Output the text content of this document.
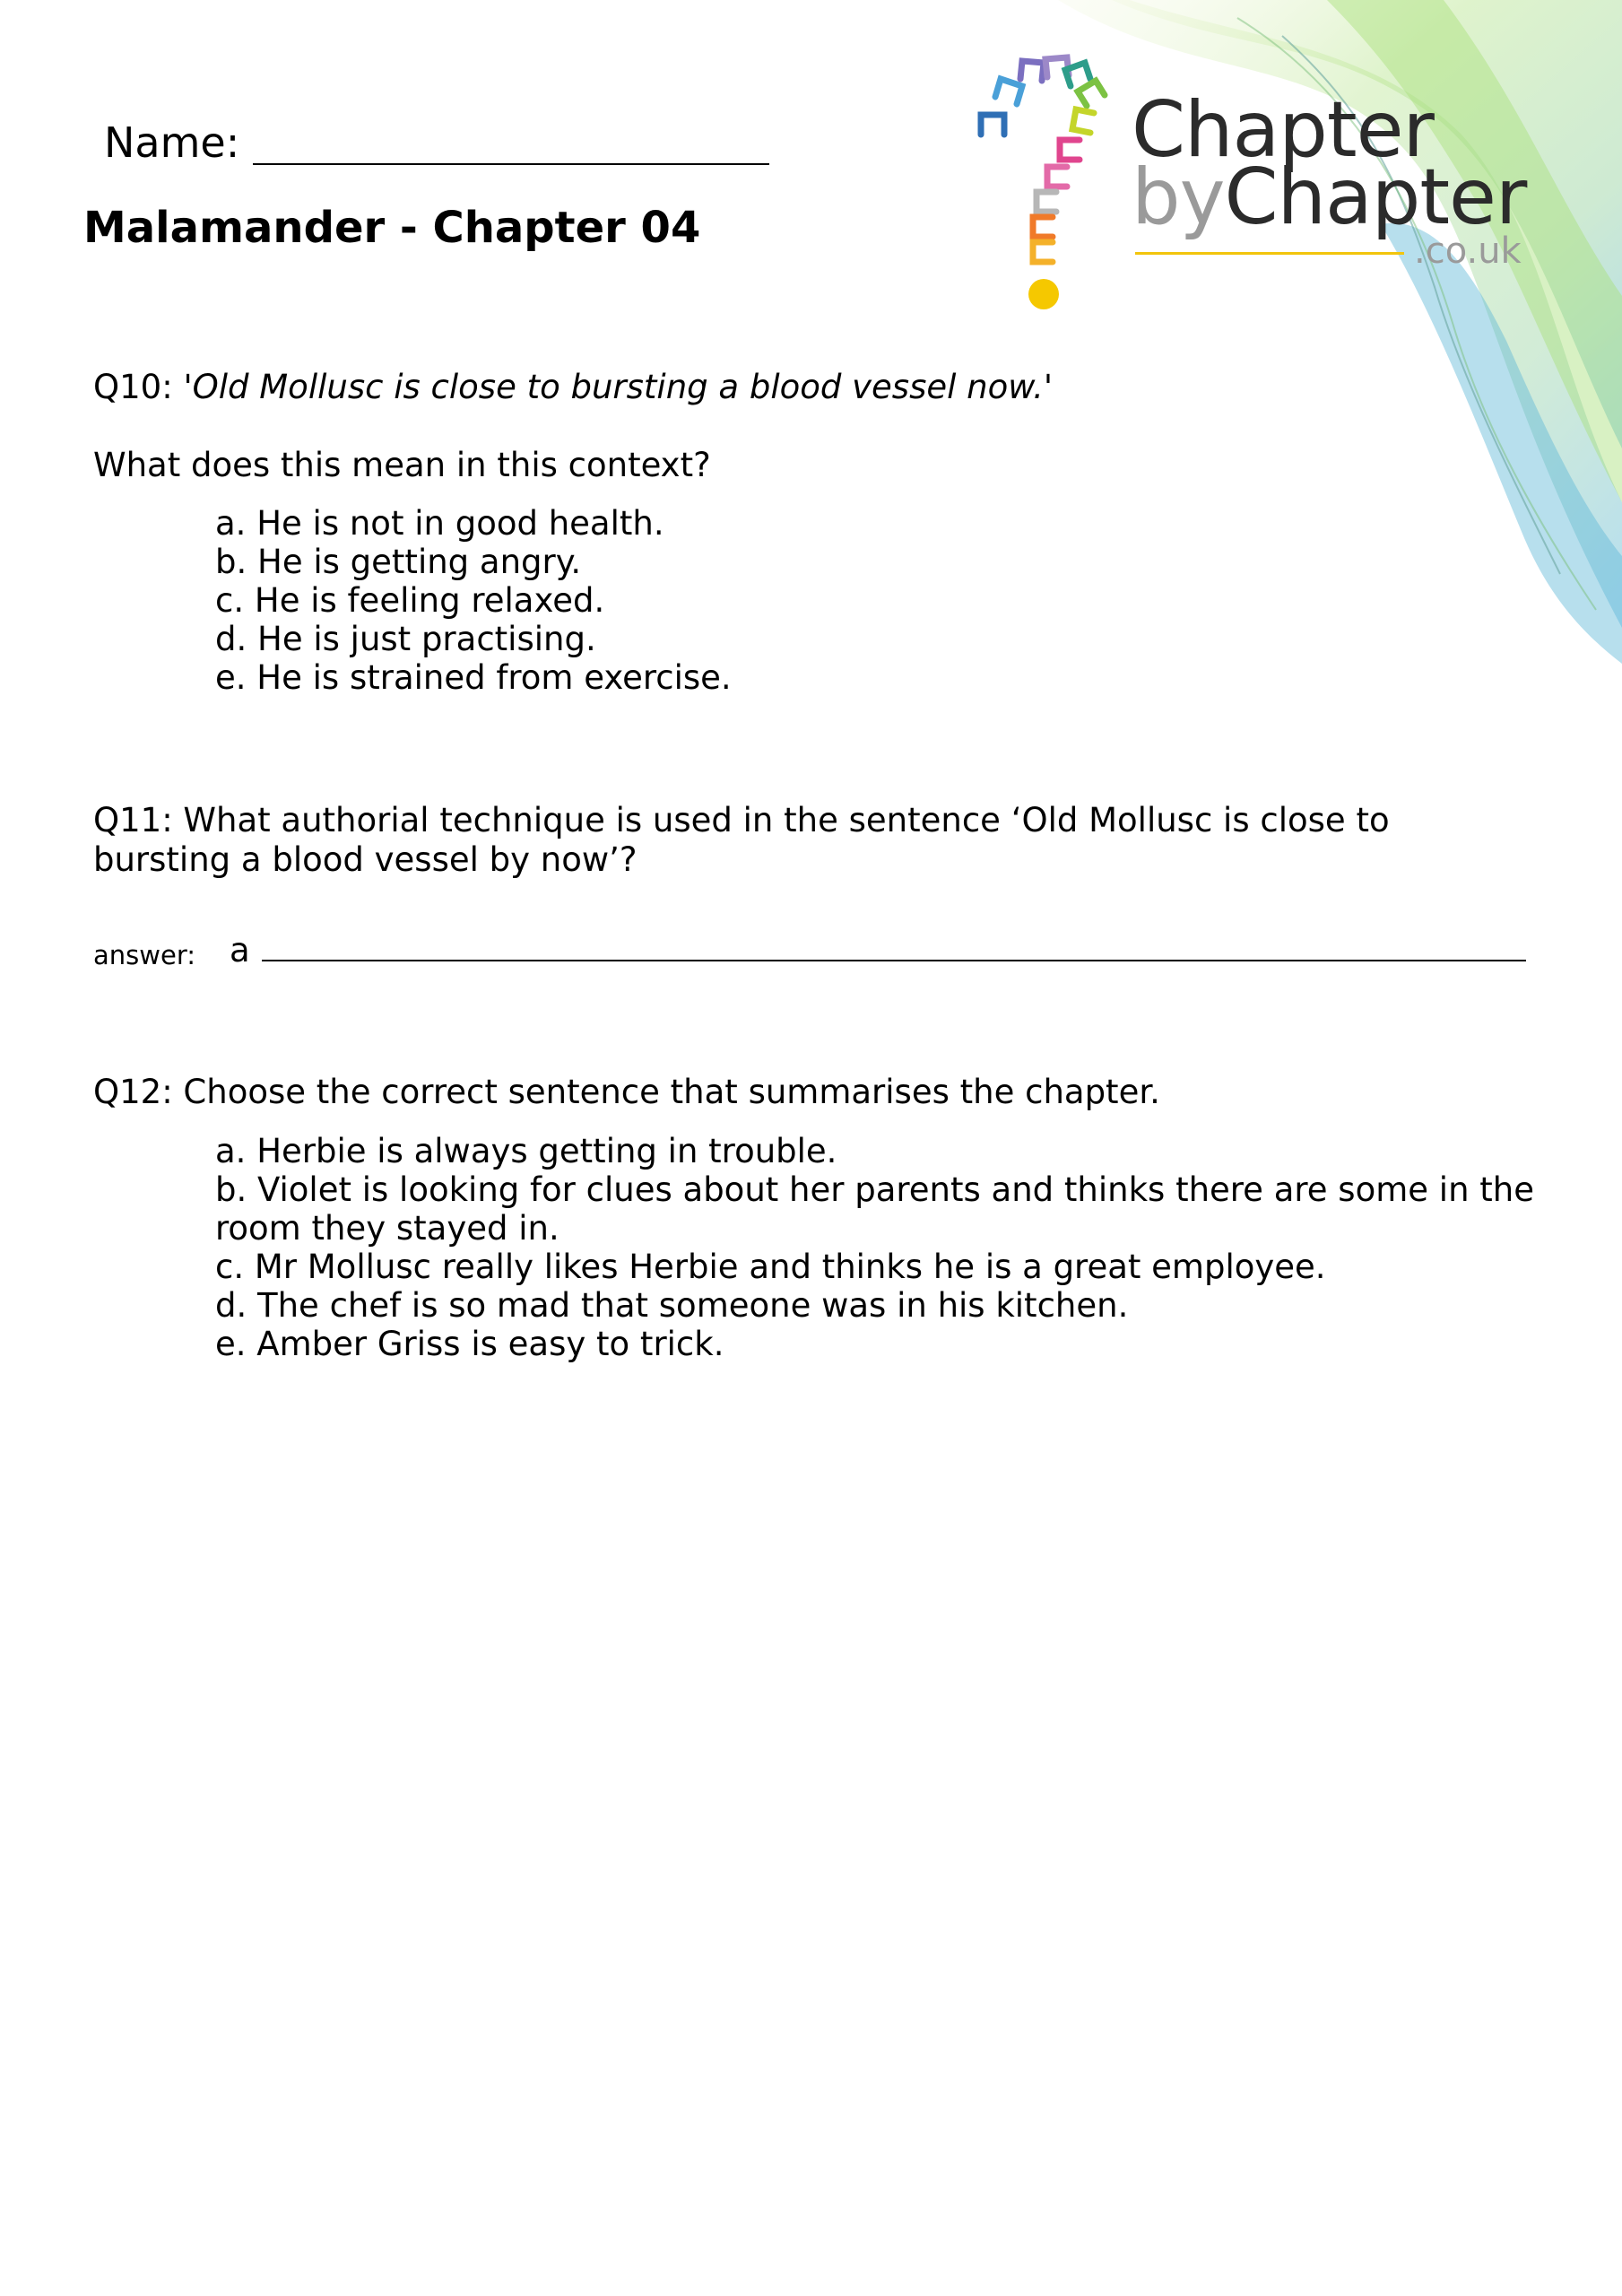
Chapter
byChapter
.co.uk
Name:
Malamander - Chapter 04
Q10: 'Old Mollusc is close to bursting a blood vessel now.'
What does this mean in this context?
a. He is not in good health.
b. He is getting angry.
c. He is feeling relaxed.
d. He is just practising.
e. He is strained from exercise.
Q11: What authorial technique is used in the sentence ‘Old Mollusc is close to bursting a blood vessel by now’?
answer: a
Q12: Choose the correct sentence that summarises the chapter.
a. Herbie is always getting in trouble.
b. Violet is looking for clues about her parents and thinks there are some in the room they stayed in.
c. Mr Mollusc really likes Herbie and thinks he is a great employee.
d. The chef is so mad that someone was in his kitchen.
e. Amber Griss is easy to trick.
